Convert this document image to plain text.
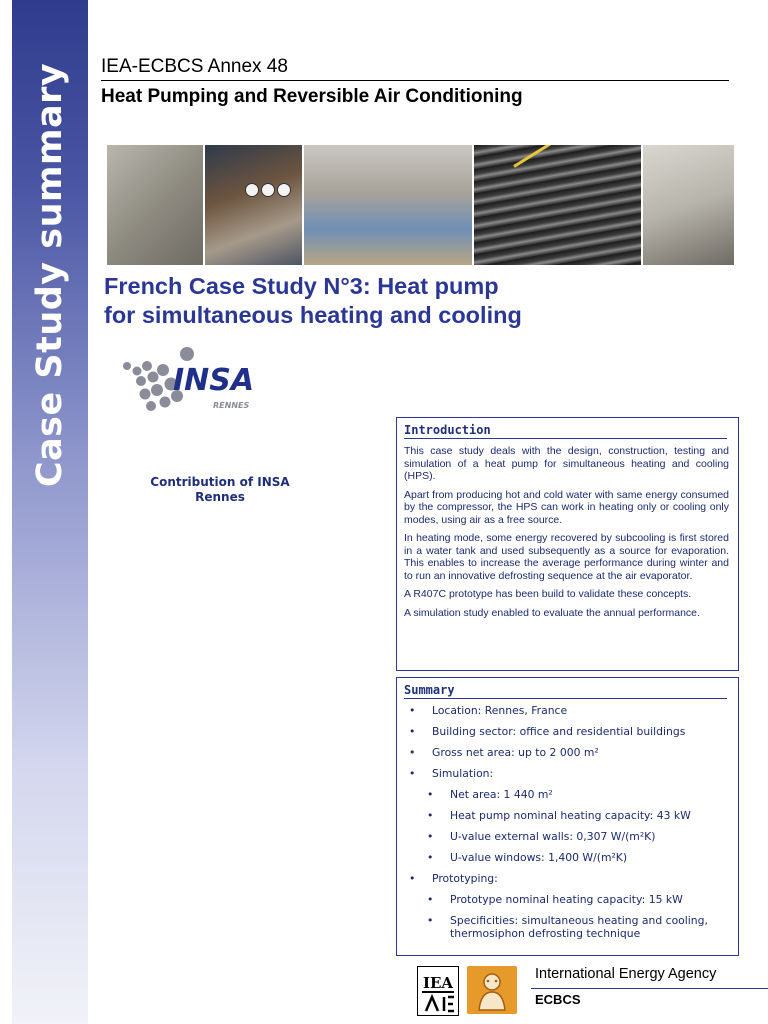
Case Study summary IEA-ECBCS Annex 48
Heat Pumping and Reversible Air Conditioning
French Case Study N°3: Heat pump
for simultaneous heating and cooling
INSA
RENNES
Contribution of INSA
Rennes
Introduction

This case study deals with the design, construction, testing and simulation of a heat pump for simultaneous heating and cooling (HPS).

Apart from producing hot and cold water with same energy consumed by the compressor, the HPS can work in heating only or cooling only modes, using air as a free source.

In heating mode, some energy recovered by subcooling is first stored in a water tank and used subsequently as a source for evaporation. This enables to increase the average performance during winter and to run an innovative defrosting sequence at the air evaporator.

A R407C prototype has been build to validate these concepts.

A simulation study enabled to evaluate the annual performance.

Summary
• Location: Rennes, France
• Building sector: office and residential buildings
• Gross net area: up to 2 000 m²
• Simulation:
• Net area: 1 440 m²
• Heat pump nominal heating capacity: 43 kW
• U-value external walls: 0,307 W/(m²K)
• U-value windows: 1,400 W/(m²K)
• Prototyping:
• Prototype nominal heating capacity: 15 kW
• Specificities: simultaneous heating and cooling, thermosiphon defrosting technique
IEA	International Energy Agency
ECBCS
